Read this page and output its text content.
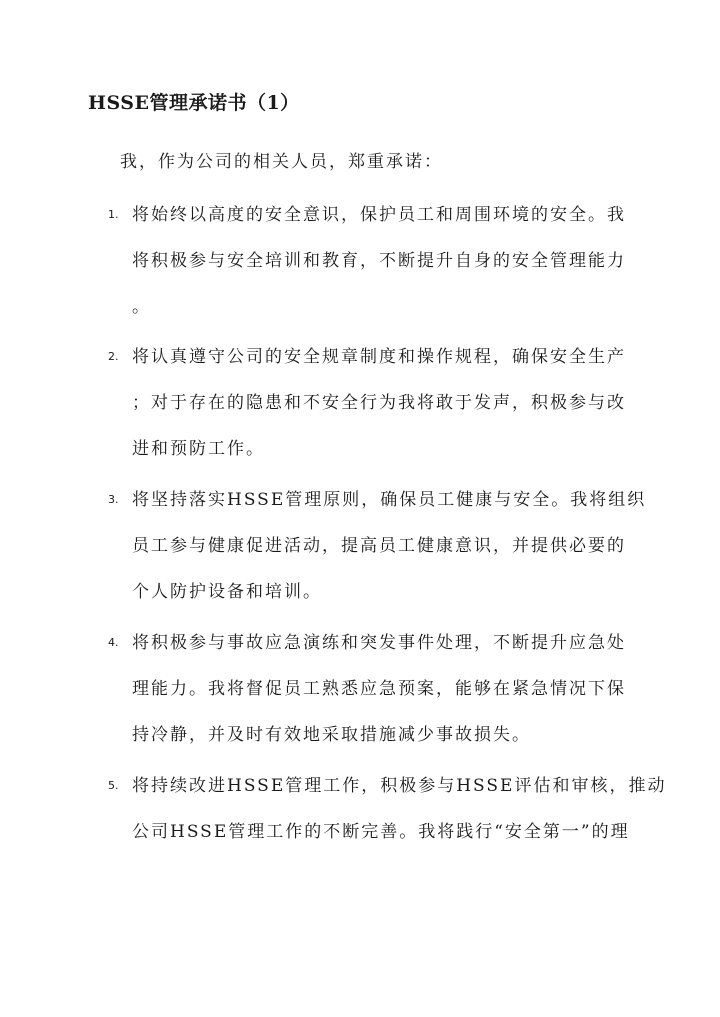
HSSE管理承诺书（1）
我，作为公司的相关人员，郑重承诺：
1. 将始终以高度的安全意识，保护员工和周围环境的安全。我
将积极参与安全培训和教育，不断提升自身的安全管理能力
。
2. 将认真遵守公司的安全规章制度和操作规程，确保安全生产
；对于存在的隐患和不安全行为我将敢于发声，积极参与改
进和预防工作。
3. 将坚持落实HSSE管理原则，确保员工健康与安全。我将组织
员工参与健康促进活动，提高员工健康意识，并提供必要的
个人防护设备和培训。
4. 将积极参与事故应急演练和突发事件处理，不断提升应急处
理能力。我将督促员工熟悉应急预案，能够在紧急情况下保
持冷静，并及时有效地采取措施减少事故损失。
5. 将持续改进HSSE管理工作，积极参与HSSE评估和审核，推动
公司HSSE管理工作的不断完善。我将践行“安全第一”的理
